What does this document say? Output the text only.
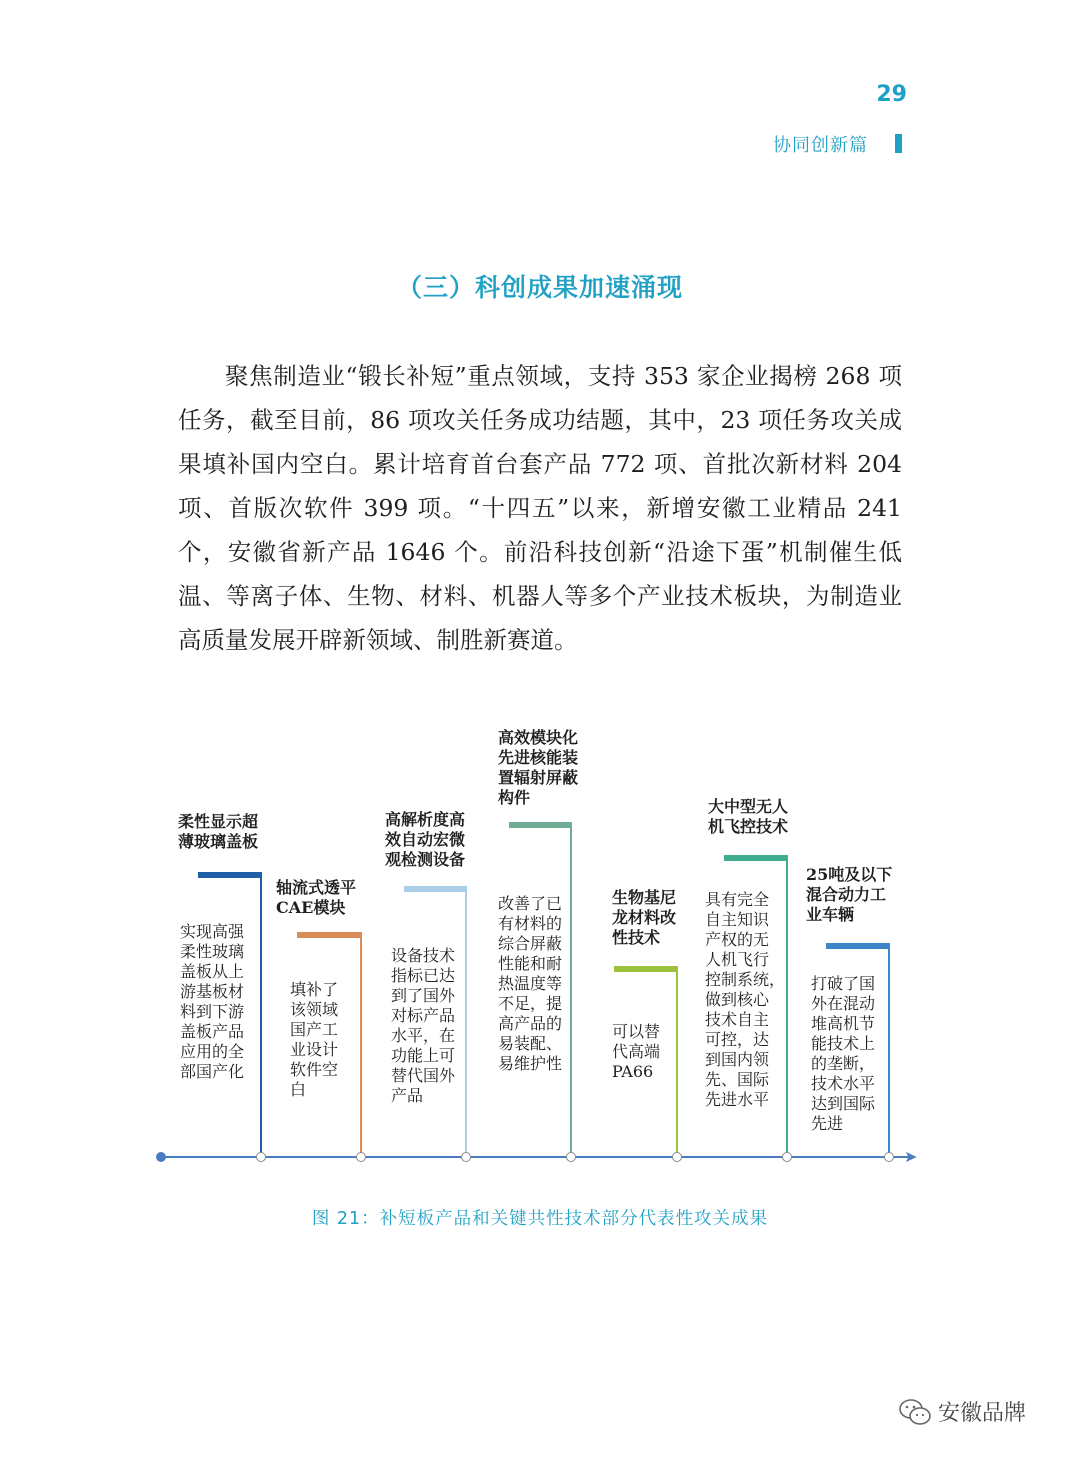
29
协同创新篇
（三）科创成果加速涌现

聚焦制造业“锻长补短”重点领域，支持 353 家企业揭榜 268 项任务，截至目前，86 项攻关任务成功结题，其中，23 项任务攻关成果填补国内空白。累计培育首台套产品 772 项、首批次新材料 204 项、首版次软件 399 项。“十四五”以来，新增安徽工业精品 241 个，安徽省新产品 1646 个。前沿科技创新“沿途下蛋”机制催生低温、等离子体、生物、材料、机器人等多个产业技术板块，为制造业高质量发展开辟新领域、制胜新赛道。

➤
柔性显示超
薄玻璃盖板
实现高强
柔性玻璃
盖板从上
游基板材
料到下游
盖板产品
应用的全
部国产化
轴流式透平
CAE模块
填补了
该领域
国产工
业设计
软件空
白
高解析度高
效自动宏微
观检测设备
设备技术
指标已达
到了国外
对标产品
水平，在
功能上可
替代国外
产品
高效模块化
先进核能装
置辐射屏蔽
构件
改善了已
有材料的
综合屏蔽
性能和耐
热温度等
不足，提
高产品的
易装配、
易维护性
生物基尼
龙材料改
性技术
可以替
代高端
PA66
大中型无人
机飞控技术
具有完全
自主知识
产权的无
人机飞行
控制系统，
做到核心
技术自主
可控，达
到国内领
先、国际
先进水平
25吨及以下
混合动力工
业车辆
打破了国
外在混动
堆高机节
能技术上
的垄断，
技术水平
达到国际
先进
图 21：补短板产品和关键共性技术部分代表性攻关成果
安徽品牌
